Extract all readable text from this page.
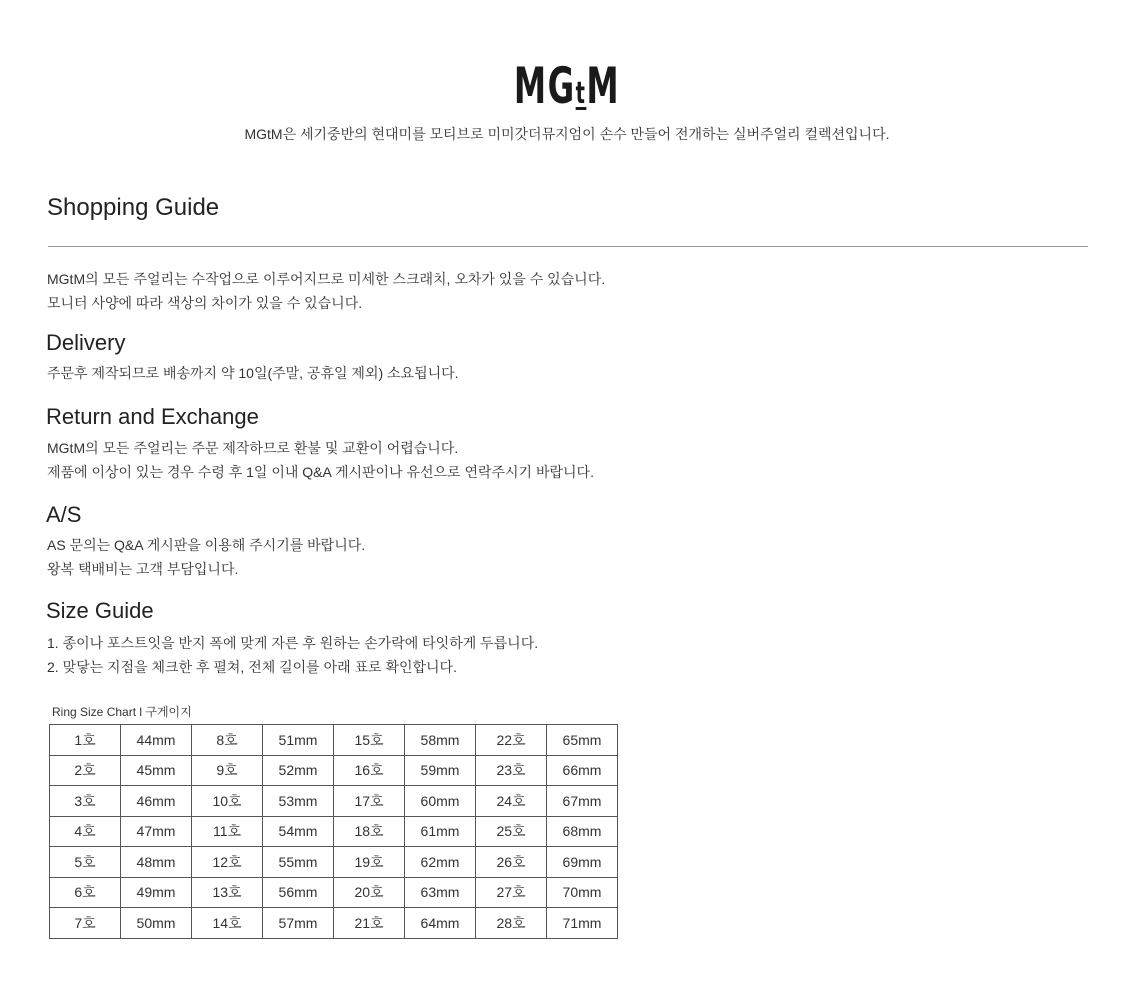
MGtM
MGtM은 세기중반의 현대미를 모티브로 미미갓더뮤지엄이 손수 만들어 전개하는 실버주얼리 컬렉션입니다.
Shopping Guide
MGtM의 모든 주얼리는 수작업으로 이루어지므로 미세한 스크래치, 오차가 있을 수 있습니다.
모니터 사양에 따라 색상의 차이가 있을 수 있습니다.
Delivery
주문후 제작되므로 배송까지 약 10일(주말, 공휴일 제외) 소요됩니다.
Return and Exchange
MGtM의 모든 주얼리는 주문 제작하므로 환불 및 교환이 어렵습니다.
제품에 이상이 있는 경우 수령 후 1일 이내 Q&A 게시판이나 유선으로 연락주시기 바랍니다.
A/S
AS 문의는 Q&A 게시판을 이용해 주시기를 바랍니다.
왕복 택배비는 고객 부담입니다.
Size Guide
1. 종이나 포스트잇을 반지 폭에 맞게 자른 후 원하는 손가락에 타잇하게 두릅니다.
2. 맞닿는 지점을 체크한 후 펼쳐, 전체 길이를 아래 표로 확인합니다.
Ring Size Chart l 구게이지
1호	44mm	8호	51mm	15호	58mm	22호	65mm
2호	45mm	9호	52mm	16호	59mm	23호	66mm
3호	46mm	10호	53mm	17호	60mm	24호	67mm
4호	47mm	11호	54mm	18호	61mm	25호	68mm
5호	48mm	12호	55mm	19호	62mm	26호	69mm
6호	49mm	13호	56mm	20호	63mm	27호	70mm
7호	50mm	14호	57mm	21호	64mm	28호	71mm
